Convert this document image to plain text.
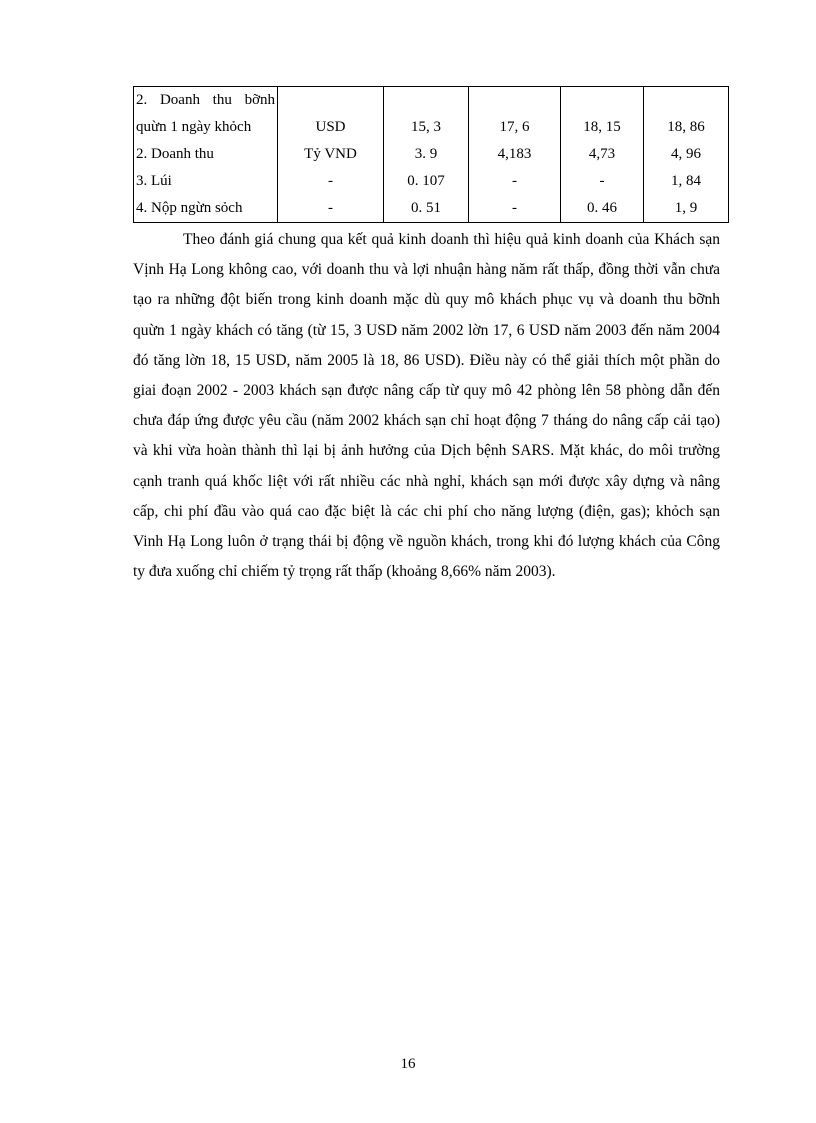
2. Doanh thu bỡnh
quừn 1 ngày khỏch	USD	15, 3	17, 6	18, 15	18, 86
2. Doanh thu	Tỷ VND	3. 9	4,183	4,73	4, 96
3. Lúi	-	0. 107	-	-	1, 84
4. Nộp ngừn sỏch	-	0. 51	-	0. 46	1, 9

Theo đánh giá chung qua kết quả kinh doanh thì hiệu quả kinh doanh của Khách sạn Vịnh Hạ Long không cao, với doanh thu và lợi nhuận hàng năm rất thấp, đồng thời vẫn chưa tạo ra những đột biến trong kinh doanh mặc dù quy mô khách phục vụ và doanh thu bỡnh quừn 1 ngày khách có tăng (từ 15, 3 USD năm 2002 lờn 17, 6 USD năm 2003 đến năm 2004 đó tăng lờn 18, 15 USD, năm 2005 là 18, 86 USD). Điều này có thể giải thích một phần do giai đoạn 2002 - 2003 khách sạn được nâng cấp từ quy mô 42 phòng lên 58 phòng dẫn đến chưa đáp ứng được yêu cầu (năm 2002 khách sạn chỉ hoạt động 7 tháng do nâng cấp cải tạo) và khi vừa hoàn thành thì lại bị ảnh hưởng của Dịch bệnh SARS. Mặt khác, do môi trường cạnh tranh quá khốc liệt với rất nhiều các nhà nghỉ, khách sạn mới được xây dựng và nâng cấp, chi phí đầu vào quá cao đặc biệt là các chi phí cho năng lượng (điện, gas); khỏch sạn Vinh Hạ Long luôn ở trạng thái bị động về nguồn khách, trong khi đó lượng khách của Công ty đưa xuống chỉ chiếm tỷ trọng rất thấp (khoảng 8,66% năm 2003).

16
